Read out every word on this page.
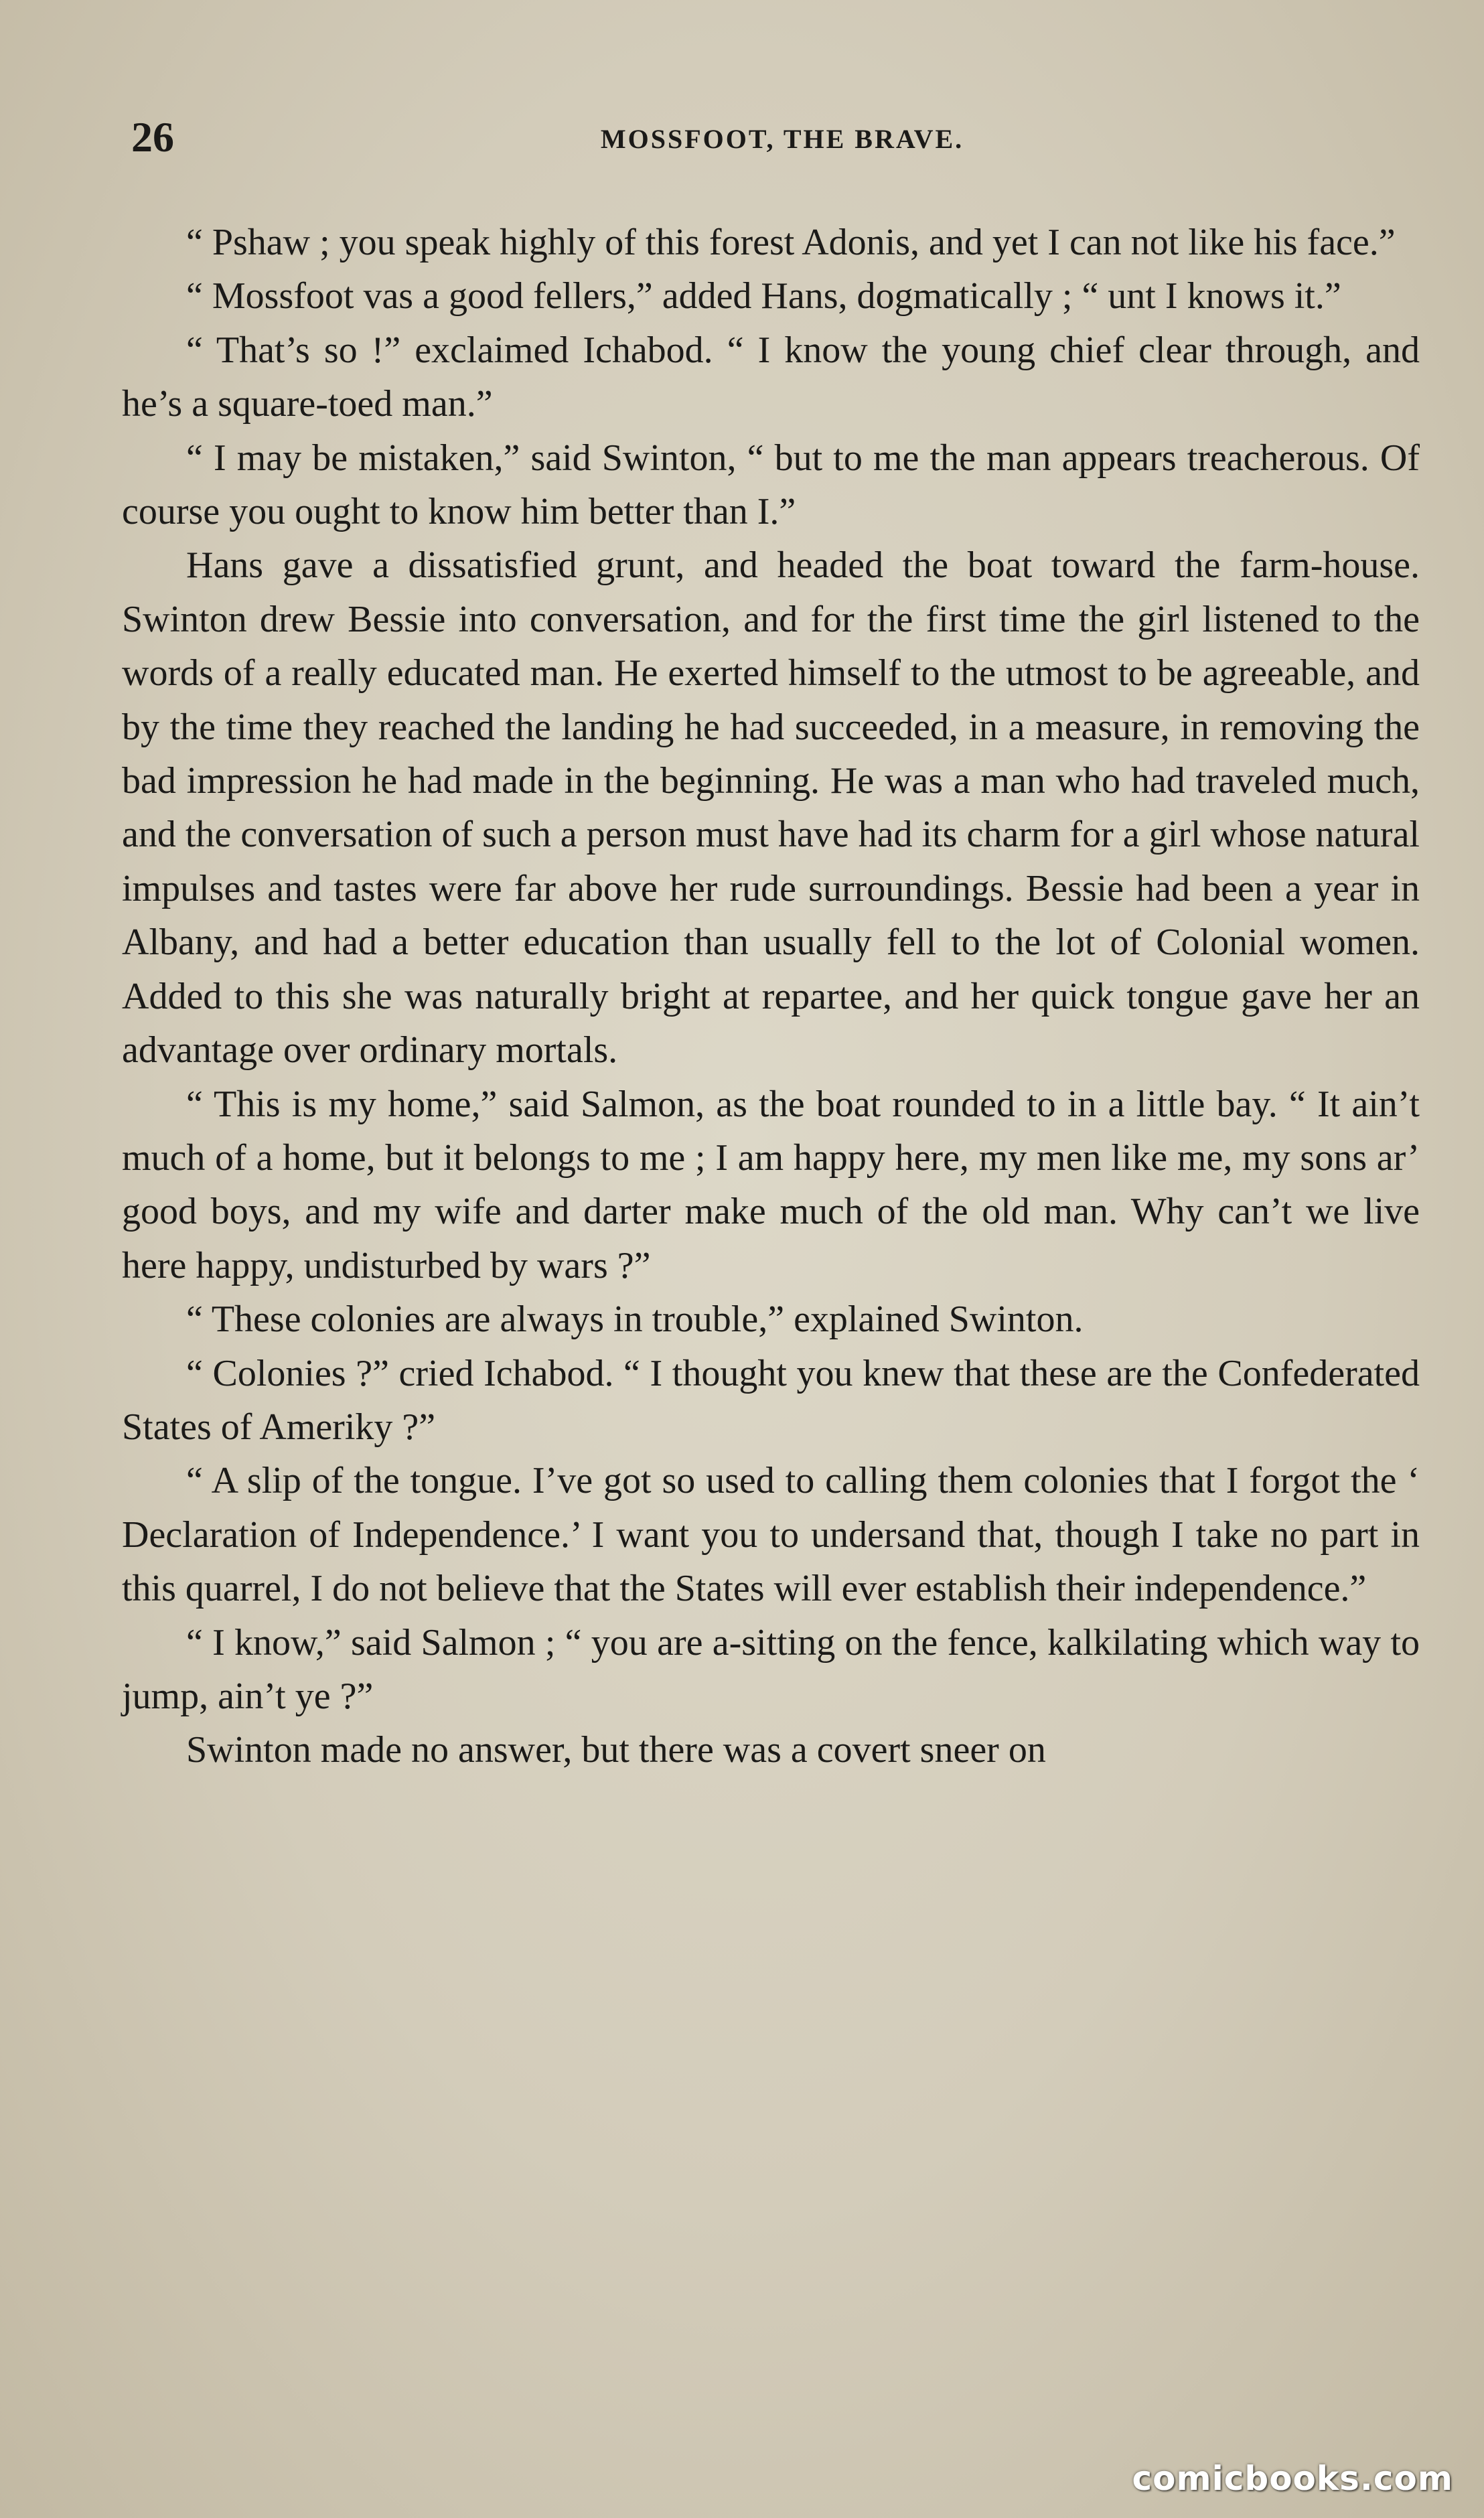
26	MOSSFOOT, THE BRAVE.

“ Pshaw ; you speak highly of this forest Adonis, and yet I can not like his face.”

“ Mossfoot vas a good fellers,” added Hans, dogmatically ; “ unt I knows it.”

“ That’s so !” exclaimed Ichabod. “ I know the young chief clear through, and he’s a square-toed man.”

“ I may be mistaken,” said Swinton, “ but to me the man appears treacherous. Of course you ought to know him better than I.”

Hans gave a dissatisfied grunt, and headed the boat toward the farm-house. Swinton drew Bessie into conversation, and for the first time the girl listened to the words of a really educated man. He exerted himself to the utmost to be agreeable, and by the time they reached the landing he had succeeded, in a measure, in removing the bad impression he had made in the beginning. He was a man who had traveled much, and the conversation of such a person must have had its charm for a girl whose natural impulses and tastes were far above her rude surroundings. Bessie had been a year in Albany, and had a better education than usually fell to the lot of Colonial women. Added to this she was naturally bright at repartee, and her quick tongue gave her an advantage over ordinary mortals.

“ This is my home,” said Salmon, as the boat rounded to in a little bay. “ It ain’t much of a home, but it belongs to me ; I am happy here, my men like me, my sons ar’ good boys, and my wife and darter make much of the old man. Why can’t we live here happy, undisturbed by wars ?”

“ These colonies are always in trouble,” explained Swinton.

“ Colonies ?” cried Ichabod. “ I thought you knew that these are the Confederated States of Ameriky ?”

“ A slip of the tongue. I’ve got so used to calling them colonies that I forgot the ‘ Declaration of Independence.’ I want you to undersand that, though I take no part in this quarrel, I do not believe that the States will ever establish their independence.”

“ I know,” said Salmon ; “ you are a-sitting on the fence, kalkilating which way to jump, ain’t ye ?”

Swinton made no answer, but there was a covert sneer on

comicbooks.com
